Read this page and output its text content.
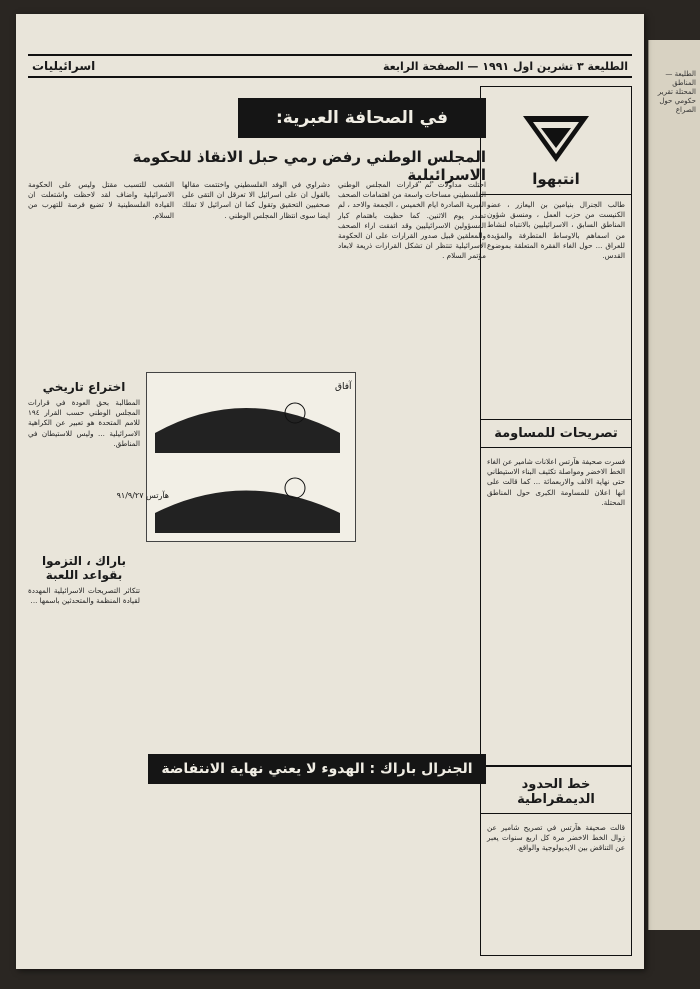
الطليعة — المناطق المحتلة تقرير حكومي حول الصراع
الطليعة ٣ تشرين اول ١٩٩١ — الصفحة الرابعة
اسرائيليات
انتبهوا
طالب الجنرال بنيامين بن اليعازر ، عضو الكنيست من حزب العمل ، ومنسق شؤون المناطق السابق ، الاسرائيليين بالانتباه لنشاط من اسماهم بالاوساط المتطرفة والمؤيدة للعراق ... حول الغاء الفقرة المتعلقة بموضوع القدس.
تصريحات للمساومة
فسرت صحيفة هآرتس اعلانات شامير عن الغاء الخط الاخضر ومواصلة تكثيف البناء الاستيطاني حتى نهاية الالف والاربعمائة ... كما قالت على انها اعلان للمساومة الكبرى حول المناطق المحتلة.
خط الحدود الديمقراطية
قالت صحيفة هآرتس في تصريح شامير عن زوال الخط الاخضر مرة كل اربع سنوات يعبر عن التناقض بين الايديولوجية والواقع.
في الصحافة العبرية:
المجلس الوطني رفض رمي حبل الانقاذ للحكومة الاسرائيلية
احتلت مداولات ثم قرارات المجلس الوطني الفلسطيني مساحات واسعة من اهتمامات الصحف العبرية الصادرة ايام الخميس ، الجمعة والاحد ، لم تصدر يوم الاثنين. كما حظيت باهتمام كبار المسؤولين الاسرائيليين وقد اتفقت اراء الصحف والمعلقين قبيل صدور القرارات على ان الحكومة الاسرائيلية تنتظر ان تشكل القرارات ذريعة لابعاد مؤتمر السلام .
دشراوي في الوفد الفلسطيني واختتمت مقالها بالقول ان على اسرائيل الا تعرقل ان التقى على صحفيين التحقيق وتقول كما ان اسرائيل لا تملك ايضا سوى انتظار المجلس الوطني .
الشعب للتسبب مقتل وليس على الحكومة الاسرائيلية واضاف لقد لاحظت واشتعلت ان القيادة الفلسطينية لا تضيع فرصة للتهرب من السلام.
اختراع تاريخي
المطالبة بحق العودة في قرارات المجلس الوطني حسب القرار ١٩٤ للامم المتحدة هو تعبير عن الكراهية الاسرائيلية ... وليس للاستيطان في المناطق.
باراك ، التزموا بقواعد اللعبة
تتكاثر التصريحات الاسرائيلية المهددة لقيادة المنظمة والمتحدثين باسمها ...
آفاق
هآرتس ٩١/٩/٢٧
الجنرال باراك : الهدوء لا يعني نهاية الانتفاضة
